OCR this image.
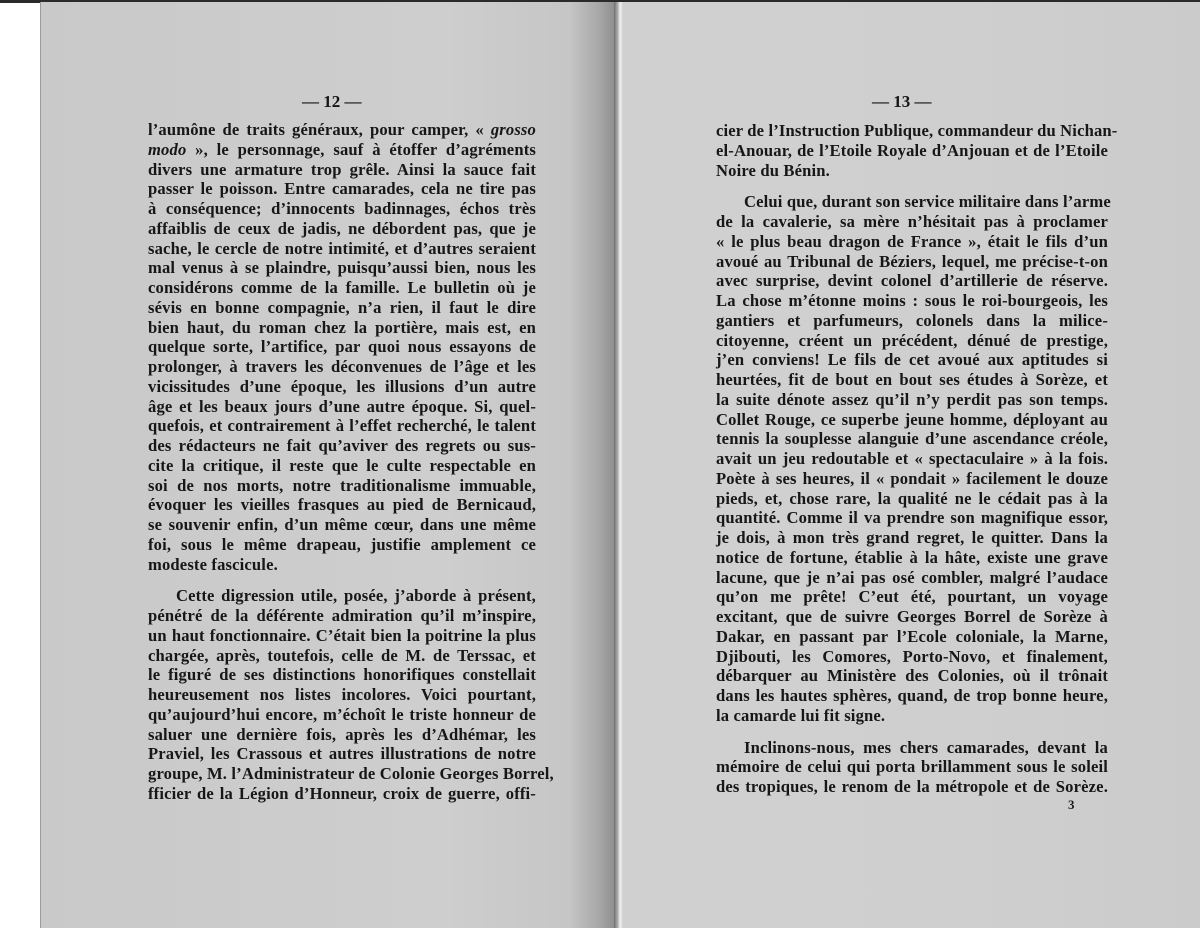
— 12 —
l’aumône de traits généraux, pour camper, « grosso
modo », le personnage, sauf à étoffer d’agréments
divers une armature trop grêle. Ainsi la sauce fait
passer le poisson. Entre camarades, cela ne tire pas
à conséquence; d’innocents badinnages, échos très
affaiblis de ceux de jadis, ne débordent pas, que je
sache, le cercle de notre intimité, et d’autres seraient
mal venus à se plaindre, puisqu’aussi bien, nous les
considérons comme de la famille. Le bulletin où je
sévis en bonne compagnie, n’a rien, il faut le dire
bien haut, du roman chez la portière, mais est, en
quelque sorte, l’artifice, par quoi nous essayons de
prolonger, à travers les déconvenues de l’âge et les
vicissitudes d’une époque, les illusions d’un autre
âge et les beaux jours d’une autre époque. Si, quel-
quefois, et contrairement à l’effet recherché, le talent
des rédacteurs ne fait qu’aviver des regrets ou sus-
cite la critique, il reste que le culte respectable en
soi de nos morts, notre traditionalisme immuable,
évoquer les vieilles frasques au pied de Bernicaud,
se souvenir enfin, d’un même cœur, dans une même
foi, sous le même drapeau, justifie amplement ce
modeste fascicule.
Cette digression utile, posée, j’aborde à présent,
pénétré de la déférente admiration qu’il m’inspire,
un haut fonctionnaire. C’était bien la poitrine la plus
chargée, après, toutefois, celle de M. de Terssac, et
le figuré de ses distinctions honorifiques constellait
heureusement nos listes incolores. Voici pourtant,
qu’aujourd’hui encore, m’échoît le triste honneur de
saluer une dernière fois, après les d’Adhémar, les
Praviel, les Crassous et autres illustrations de notre
groupe, M. l’Administrateur de Colonie Georges Borrel,
fficier de la Légion d’Honneur, croix de guerre, offi-
— 13 —
cier de l’Instruction Publique, commandeur du Nichan-
el-Anouar, de l’Etoile Royale d’Anjouan et de l’Etoile
Noire du Bénin.
Celui que, durant son service militaire dans l’arme
de la cavalerie, sa mère n’hésitait pas à proclamer
« le plus beau dragon de France », était le fils d’un
avoué au Tribunal de Béziers, lequel, me précise-t-on
avec surprise, devint colonel d’artillerie de réserve.
La chose m’étonne moins : sous le roi-bourgeois, les
gantiers et parfumeurs, colonels dans la milice-
citoyenne, créent un précédent, dénué de prestige,
j’en conviens! Le fils de cet avoué aux aptitudes si
heurtées, fit de bout en bout ses études à Sorèze, et
la suite dénote assez qu’il n’y perdit pas son temps.
Collet Rouge, ce superbe jeune homme, déployant au
tennis la souplesse alanguie d’une ascendance créole,
avait un jeu redoutable et « spectaculaire » à la fois.
Poète à ses heures, il « pondait » facilement le douze
pieds, et, chose rare, la qualité ne le cédait pas à la
quantité. Comme il va prendre son magnifique essor,
je dois, à mon très grand regret, le quitter. Dans la
notice de fortune, établie à la hâte, existe une grave
lacune, que je n’ai pas osé combler, malgré l’audace
qu’on me prête! C’eut été, pourtant, un voyage
excitant, que de suivre Georges Borrel de Sorèze à
Dakar, en passant par l’Ecole coloniale, la Marne,
Djibouti, les Comores, Porto-Novo, et finalement,
débarquer au Ministère des Colonies, où il trônait
dans les hautes sphères, quand, de trop bonne heure,
la camarde lui fit signe.
Inclinons-nous, mes chers camarades, devant la
mémoire de celui qui porta brillamment sous le soleil
des tropiques, le renom de la métropole et de Sorèze.
3
